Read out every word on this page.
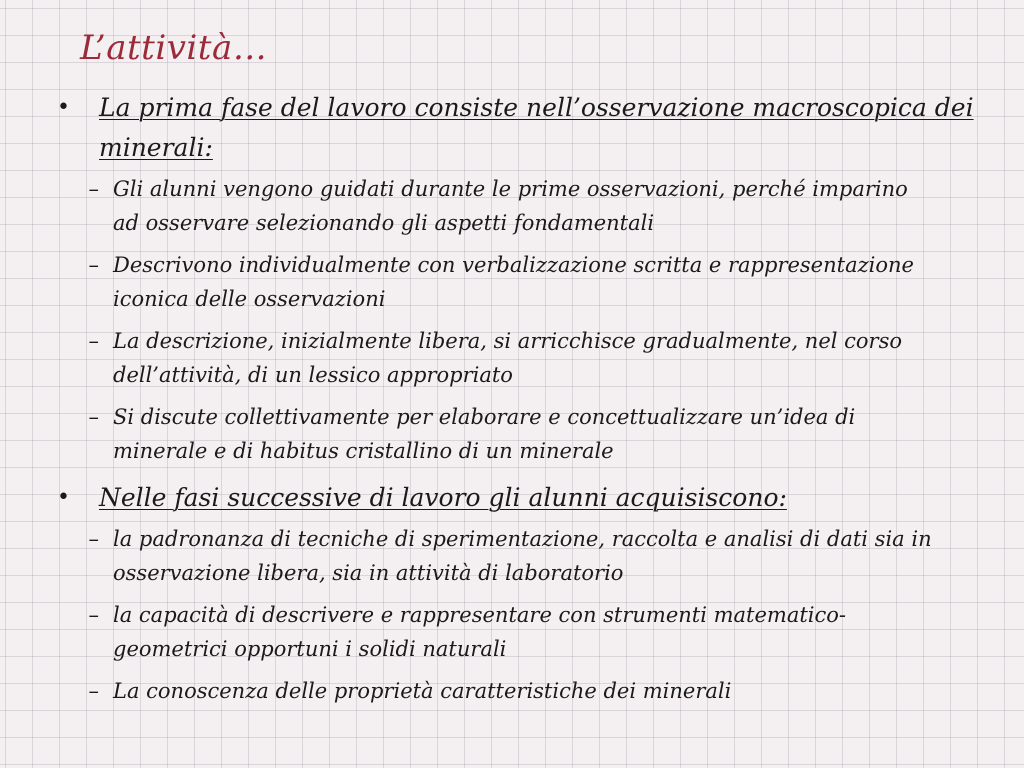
L’attività…
•	La prima fase del lavoro consiste nell’osservazione macroscopica dei minerali:
– Gli alunni vengono guidati durante le prime osservazioni, perché imparino ad osservare selezionando gli aspetti fondamentali
– Descrivono individualmente con verbalizzazione scritta e rappresentazione iconica delle osservazioni
– La descrizione, inizialmente libera, si arricchisce gradualmente, nel corso dell’attività, di un lessico appropriato
– Si discute collettivamente per elaborare e concettualizzare un’idea di minerale e di habitus cristallino di un minerale
•	Nelle fasi successive di lavoro gli alunni acquisiscono:
– la padronanza di tecniche di sperimentazione, raccolta e analisi di dati sia in osservazione libera, sia in attività di laboratorio
– la capacità di descrivere e rappresentare con strumenti matematico-geometrici opportuni i solidi naturali
– La conoscenza delle proprietà caratteristiche dei minerali
